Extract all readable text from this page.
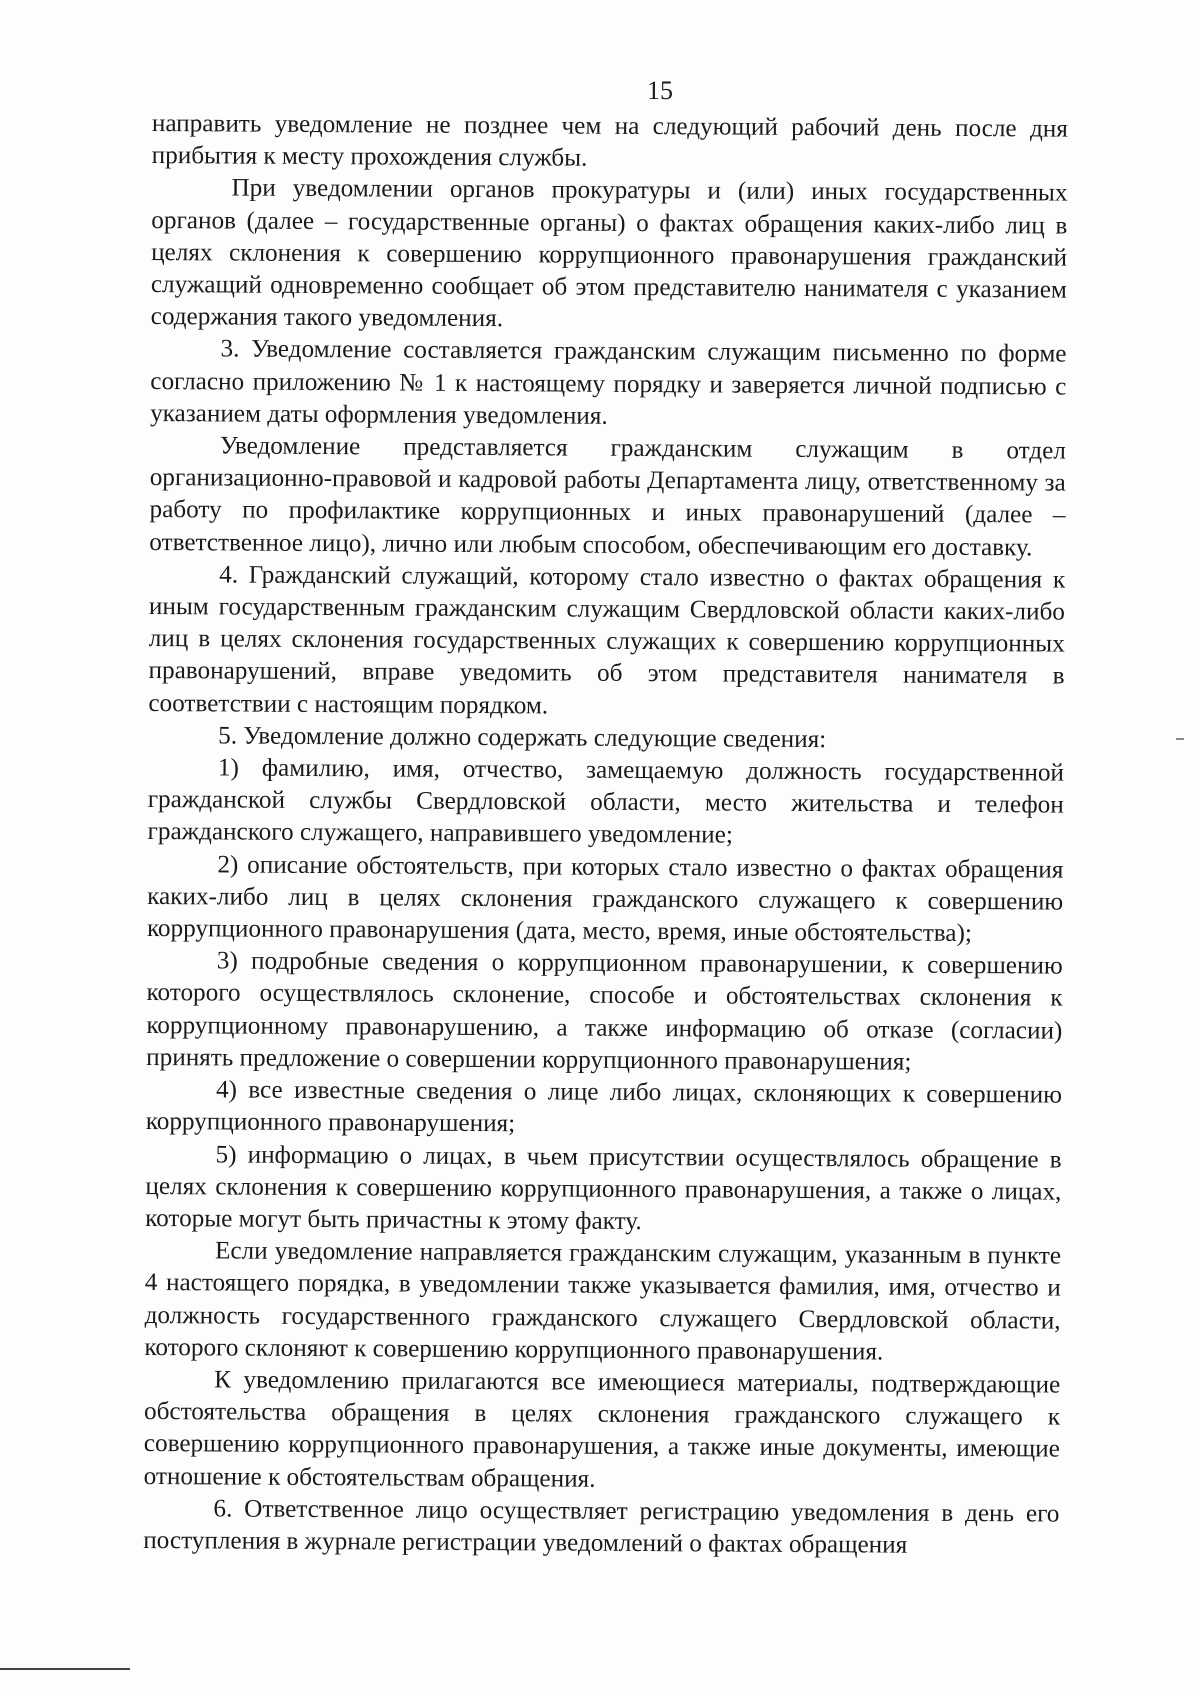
15

направить уведомление не позднее чем на следующий рабочий день после дня прибытия к месту прохождения службы.

При уведомлении органов прокуратуры и (или) иных государственных органов (далее – государственные органы) о фактах обращения каких-либо лиц в целях склонения к совершению коррупционного правонарушения гражданский служащий одновременно сообщает об этом представителю нанимателя с указанием содержания такого уведомления.

3. Уведомление составляется гражданским служащим письменно по форме согласно приложению № 1 к настоящему порядку и заверяется личной подписью с указанием даты оформления уведомления.

Уведомление представляется гражданским служащим в отдел организационно-правовой и кадровой работы Департамента лицу, ответственному за работу по профилактике коррупционных и иных правонарушений (далее – ответственное лицо), лично или любым способом, обеспечивающим его доставку.

4. Гражданский служащий, которому стало известно о фактах обращения к иным государственным гражданским служащим Свердловской области каких-либо лиц в целях склонения государственных служащих к совершению коррупционных правонарушений, вправе уведомить об этом представителя нанимателя в соответствии с настоящим порядком.

5. Уведомление должно содержать следующие сведения:

1) фамилию, имя, отчество, замещаемую должность государственной гражданской службы Свердловской области, место жительства и телефон гражданского служащего, направившего уведомление;

2) описание обстоятельств, при которых стало известно о фактах обращения каких-либо лиц в целях склонения гражданского служащего к совершению коррупционного правонарушения (дата, место, время, иные обстоятельства);

3) подробные сведения о коррупционном правонарушении, к совершению которого осуществлялось склонение, способе и обстоятельствах склонения к коррупционному правонарушению, а также информацию об отказе (согласии) принять предложение о совершении коррупционного правонарушения;

4) все известные сведения о лице либо лицах, склоняющих к совершению коррупционного правонарушения;

5) информацию о лицах, в чьем присутствии осуществлялось обращение в целях склонения к совершению коррупционного правонарушения, а также о лицах, которые могут быть причастны к этому факту.

Если уведомление направляется гражданским служащим, указанным в пункте 4 настоящего порядка, в уведомлении также указывается фамилия, имя, отчество и должность государственного гражданского служащего Свердловской области, которого склоняют к совершению коррупционного правонарушения.

К уведомлению прилагаются все имеющиеся материалы, подтверждающие обстоятельства обращения в целях склонения гражданского служащего к совершению коррупционного правонарушения, а также иные документы, имеющие отношение к обстоятельствам обращения.

6. Ответственное лицо осуществляет регистрацию уведомления в день его поступления в журнале регистрации уведомлений о фактах обращения
